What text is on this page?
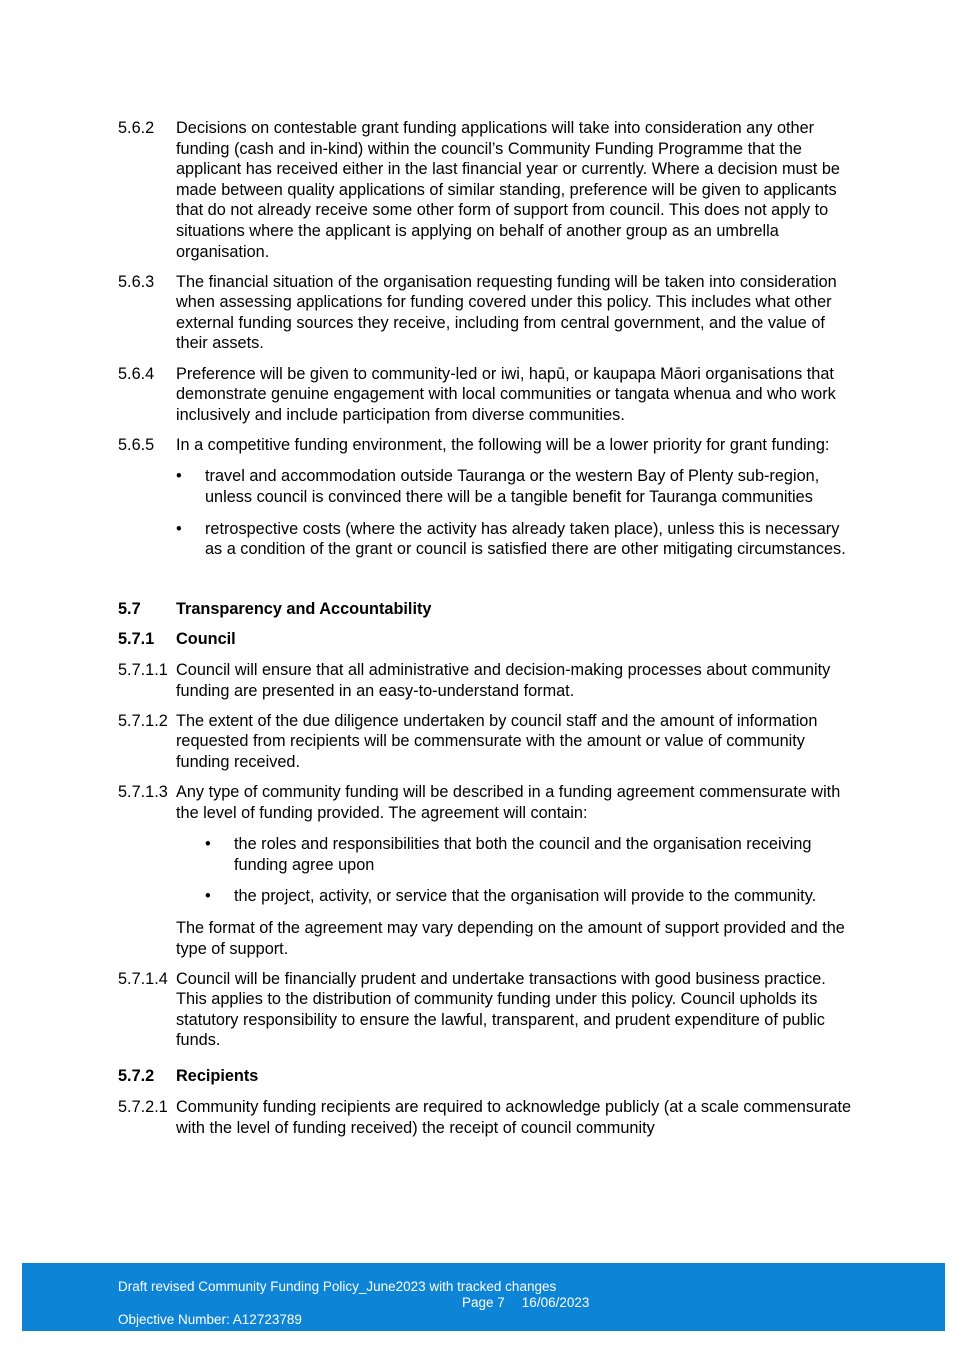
5.6.2 Decisions on contestable grant funding applications will take into consideration any other funding (cash and in-kind) within the council’s Community Funding Programme that the applicant has received either in the last financial year or currently. Where a decision must be made between quality applications of similar standing, preference will be given to applicants that do not already receive some other form of support from council. This does not apply to situations where the applicant is applying on behalf of another group as an umbrella organisation.
5.6.3 The financial situation of the organisation requesting funding will be taken into consideration when assessing applications for funding covered under this policy. This includes what other external funding sources they receive, including from central government, and the value of their assets.
5.6.4 Preference will be given to community-led or iwi, hapū, or kaupapa Māori organisations that demonstrate genuine engagement with local communities or tangata whenua and who work inclusively and include participation from diverse communities.
5.6.5 In a competitive funding environment, the following will be a lower priority for grant funding:
• travel and accommodation outside Tauranga or the western Bay of Plenty sub-region, unless council is convinced there will be a tangible benefit for Tauranga communities
• retrospective costs (where the activity has already taken place), unless this is necessary as a condition of the grant or council is satisfied there are other mitigating circumstances.
5.7 Transparency and Accountability
5.7.1 Council
5.7.1.1 Council will ensure that all administrative and decision-making processes about community funding are presented in an easy-to-understand format.
5.7.1.2 The extent of the due diligence undertaken by council staff and the amount of information requested from recipients will be commensurate with the amount or value of community funding received.
5.7.1.3 Any type of community funding will be described in a funding agreement commensurate with the level of funding provided. The agreement will contain:
• the roles and responsibilities that both the council and the organisation receiving funding agree upon
• the project, activity, or service that the organisation will provide to the community.
The format of the agreement may vary depending on the amount of support provided and the type of support.
5.7.1.4 Council will be financially prudent and undertake transactions with good business practice. This applies to the distribution of community funding under this policy. Council upholds its statutory responsibility to ensure the lawful, transparent, and prudent expenditure of public funds.
5.7.2 Recipients
5.7.2.1 Community funding recipients are required to acknowledge publicly (at a scale commensurate with the level of funding received) the receipt of council community
Draft revised Community Funding Policy_June2023 with tracked changes
Page 7 16/06/2023
Objective Number: A12723789
